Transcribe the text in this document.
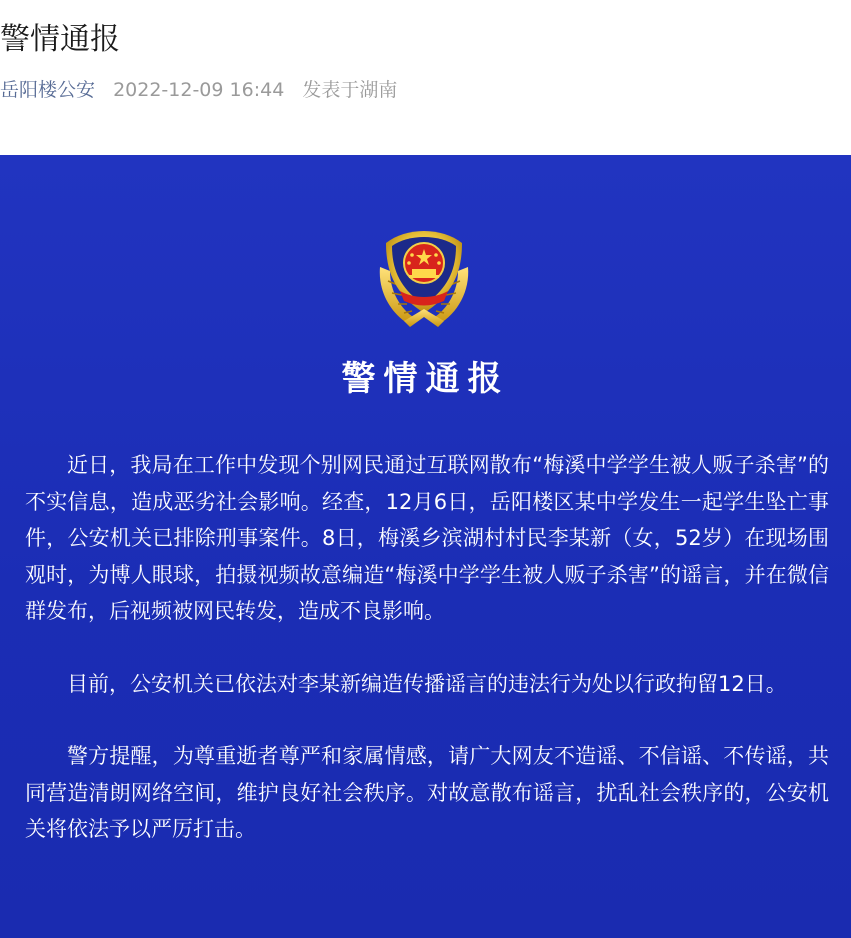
警情通报
岳阳楼公安 2022-12-09 16:44 发表于湖南
警情通报

近日，我局在工作中发现个别网民通过互联网散布“梅溪中学学生被人贩子杀害”的不实信息，造成恶劣社会影响。经查，12月6日，岳阳楼区某中学发生一起学生坠亡事件，公安机关已排除刑事案件。8日，梅溪乡滨湖村村民李某新（女，52岁）在现场围观时，为博人眼球，拍摄视频故意编造“梅溪中学学生被人贩子杀害”的谣言，并在微信群发布，后视频被网民转发，造成不良影响。

目前，公安机关已依法对李某新编造传播谣言的违法行为处以行政拘留12日。

警方提醒，为尊重逝者尊严和家属情感，请广大网友不造谣、不信谣、不传谣，共同营造清朗网络空间，维护良好社会秩序。对故意散布谣言，扰乱社会秩序的，公安机关将依法予以严厉打击。
